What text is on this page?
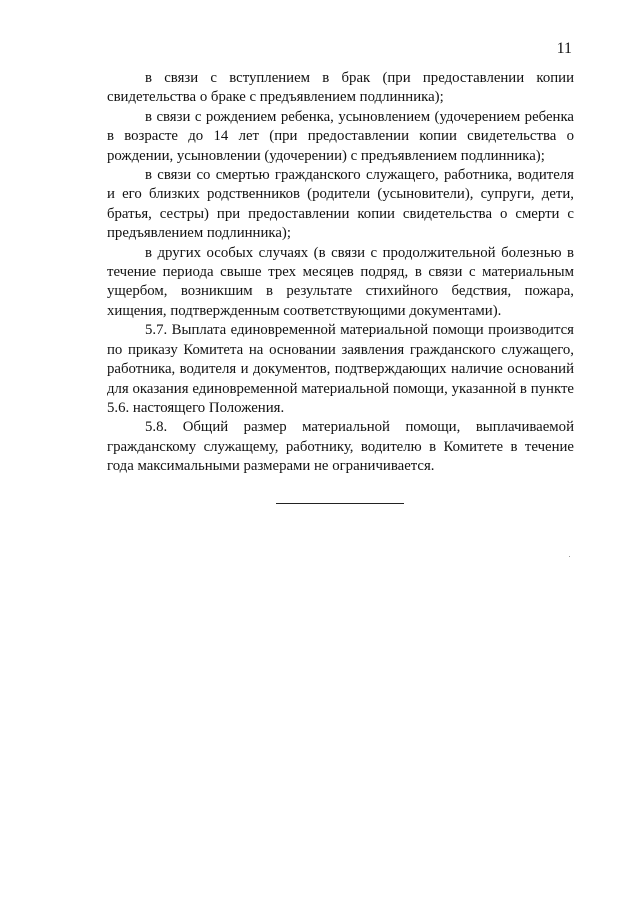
11

в связи с вступлением в брак (при предоставлении копии свидетельства о браке с предъявлением подлинника);

в связи с рождением ребенка, усыновлением (удочерением ребенка в возрасте до 14 лет (при предоставлении копии свидетельства о рождении, усыновлении (удочерении) с предъявлением подлинника);

в связи со смертью гражданского служащего, работника, водителя и его близких родственников (родители (усыновители), супруги, дети, братья, сестры) при предоставлении копии свидетельства о смерти с предъявлением подлинника);

в других особых случаях (в связи с продолжительной болезнью в течение периода свыше трех месяцев подряд, в связи с материальным ущербом, возникшим в результате стихийного бедствия, пожара, хищения, подтвержденным соответствующими документами).

5.7. Выплата единовременной материальной помощи производится по приказу Комитета на основании заявления гражданского служащего, работника, водителя и документов, подтверждающих наличие оснований для оказания единовременной материальной помощи, указанной в пункте 5.6. настоящего Положения.

5.8. Общий размер материальной помощи, выплачиваемой гражданскому служащему, работнику, водителю в Комитете в течение года максимальными размерами не ограничивается.
